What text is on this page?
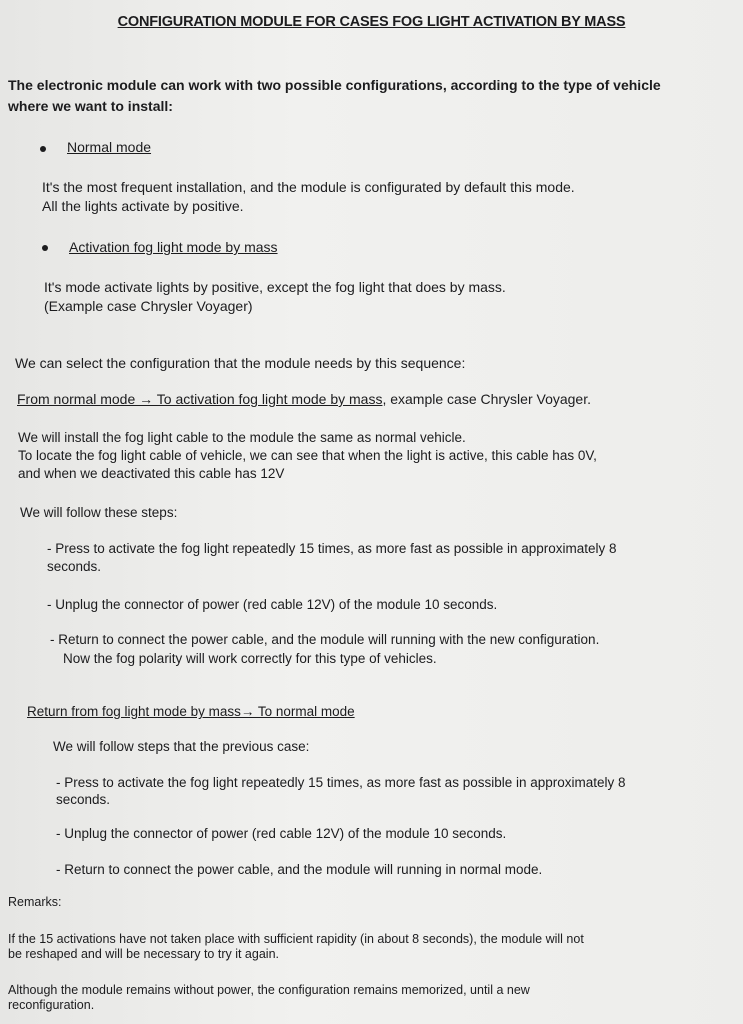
CONFIGURATION MODULE FOR CASES FOG LIGHT ACTIVATION BY MASS
The electronic module can work with two possible configurations, according to the type of vehicle
where we want to install:
Normal mode
It's the most frequent installation, and the module is configurated by default this mode.
All the lights activate by positive.
Activation fog light mode by mass
It's mode activate lights by positive, except the fog light that does by mass.
(Example case Chrysler Voyager)
We can select the configuration that the module needs by this sequence:
From normal mode → To activation fog light mode by mass, example case Chrysler Voyager.
We will install the fog light cable to the module the same as normal vehicle.
To locate the fog light cable of vehicle, we can see that when the light is active, this cable has 0V,
and when we deactivated this cable has 12V
We will follow these steps:
- Press to activate the fog light repeatedly 15 times, as more fast as possible in approximately 8
seconds.
- Unplug the connector of power (red cable 12V) of the module 10 seconds.
- Return to connect the power cable, and the module will running with the new configuration.
Now the fog polarity will work correctly for this type of vehicles.
Return from fog light mode by mass→ To normal mode
We will follow steps that the previous case:
- Press to activate the fog light repeatedly 15 times, as more fast as possible in approximately 8
seconds.
- Unplug the connector of power (red cable 12V) of the module 10 seconds.
- Return to connect the power cable, and the module will running in normal mode.
Remarks:
If the 15 activations have not taken place with sufficient rapidity (in about 8 seconds), the module will not
be reshaped and will be necessary to try it again.
Although the module remains without power, the configuration remains memorized, until a new
reconfiguration.
